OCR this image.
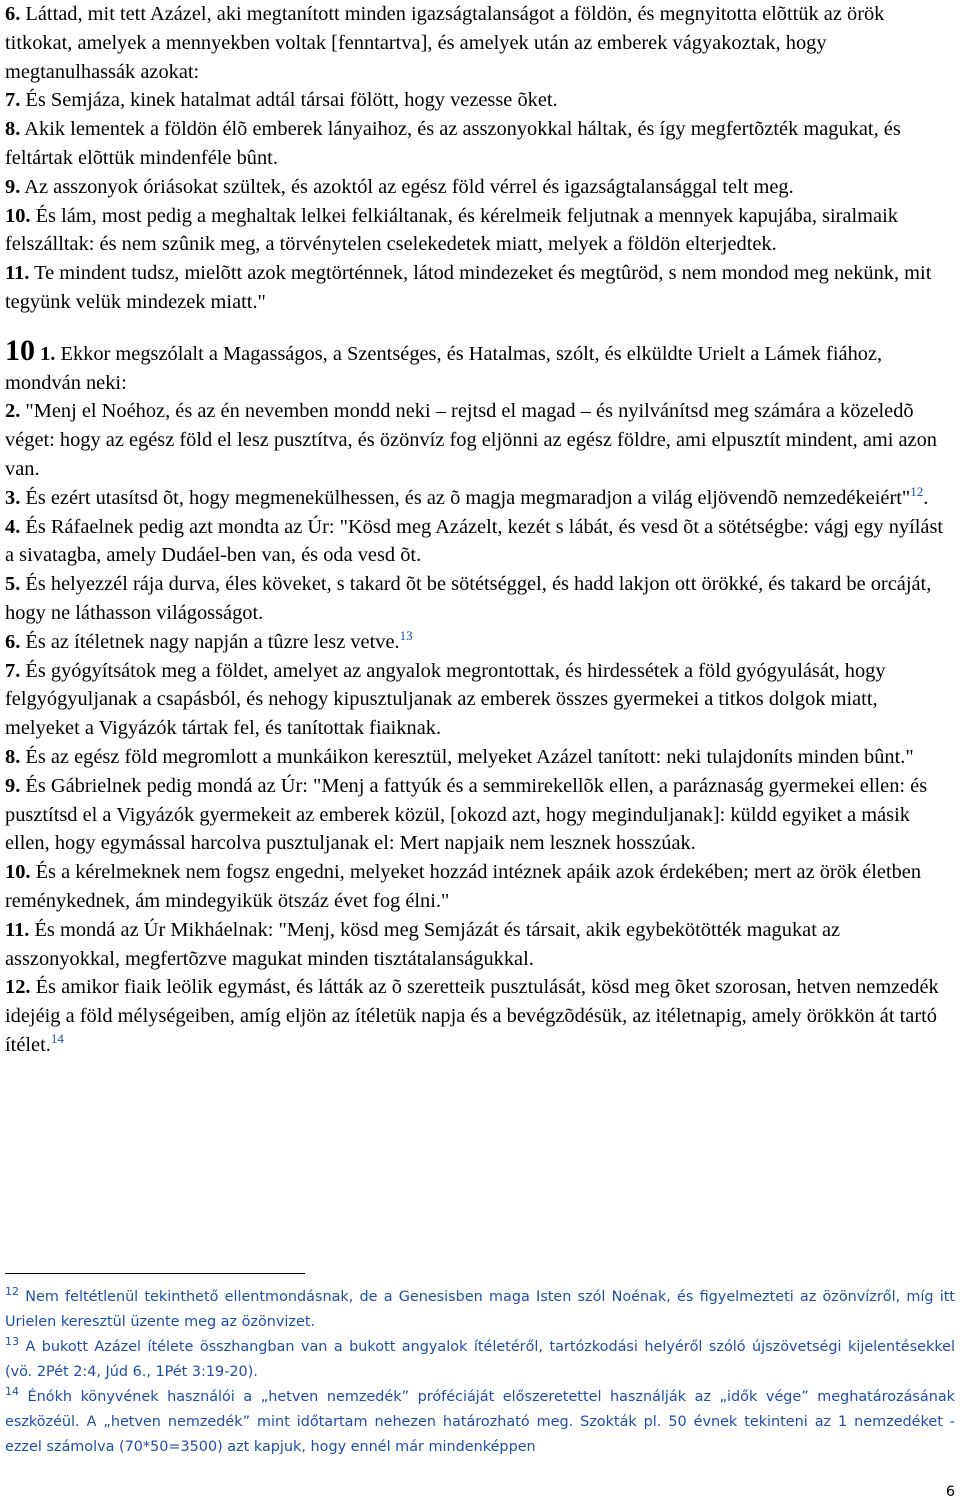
6. Láttad, mit tett Azázel, aki megtanított minden igazságtalanságot a földön, és megnyitotta elõttük az örök titkokat, amelyek a mennyekben voltak [fenntartva], és amelyek után az emberek vágyakoztak, hogy megtanulhassák azokat:

7. És Semjáza, kinek hatalmat adtál társai fölött, hogy vezesse õket.

8. Akik lementek a földön élõ emberek lányaihoz, és az asszonyokkal háltak, és így megfertõzték magukat, és feltártak elõttük mindenféle bûnt.

9. Az asszonyok óriásokat szültek, és azoktól az egész föld vérrel és igazságtalansággal telt meg.

10. És lám, most pedig a meghaltak lelkei felkiáltanak, és kérelmeik feljutnak a mennyek kapujába, siralmaik felszálltak: és nem szûnik meg, a törvénytelen cselekedetek miatt, melyek a földön elterjedtek.

11. Te mindent tudsz, mielõtt azok megtörténnek, látod mindezeket és megtûröd, s nem mondod meg nekünk, mit tegyünk velük mindezek miatt."

10 1. Ekkor megszólalt a Magasságos, a Szentséges, és Hatalmas, szólt, és elküldte Urielt a Lámek fiához, mondván neki:

2. "Menj el Noéhoz, és az én nevemben mondd neki – rejtsd el magad – és nyilvánítsd meg számára a közeledõ véget: hogy az egész föld el lesz pusztítva, és özönvíz fog eljönni az egész földre, ami elpusztít mindent, ami azon van.

3. És ezért utasítsd õt, hogy megmenekülhessen, és az õ magja megmaradjon a világ eljövendõ nemzedékeiért"$^{12}$.

4. És Ráfaelnek pedig azt mondta az Úr: "Kösd meg Azázelt, kezét s lábát, és vesd õt a sötétségbe: vágj egy nyílást a sivatagba, amely Dudáel-ben van, és oda vesd õt.

5. És helyezzél rája durva, éles köveket, s takard õt be sötétséggel, és hadd lakjon ott örökké, és takard be orcáját, hogy ne láthasson világosságot.

6. És az ítéletnek nagy napján a tûzre lesz vetve.$^{13}$

7. És gyógyítsátok meg a földet, amelyet az angyalok megrontottak, és hirdessétek a föld gyógyulását, hogy felgyógyuljanak a csapásból, és nehogy kipusztuljanak az emberek összes gyermekei a titkos dolgok miatt, melyeket a Vigyázók tártak fel, és tanítottak fiaiknak.

8. És az egész föld megromlott a munkáikon keresztül, melyeket Azázel tanított: neki tulajdoníts minden bûnt."

9. És Gábrielnek pedig mondá az Úr: "Menj a fattyúk és a semmirekellõk ellen, a paráznaság gyermekei ellen: és pusztítsd el a Vigyázók gyermekeit az emberek közül, [okozd azt, hogy meginduljanak]: küldd egyiket a másik ellen, hogy egymással harcolva pusztuljanak el: Mert napjaik nem lesznek hosszúak.

10. És a kérelmeknek nem fogsz engedni, melyeket hozzád intéznek apáik azok érdekében; mert az örök életben reménykednek, ám mindegyikük ötszáz évet fog élni."

11. És mondá az Úr Mikháelnak: "Menj, kösd meg Semjázát és társait, akik egybekötötték magukat az asszonyokkal, megfertõzve magukat minden tisztátalanságukkal.

12. És amikor fiaik leölik egymást, és látták az õ szeretteik pusztulását, kösd meg õket szorosan, hetven nemzedék idejéig a föld mélységeiben, amíg eljön az ítéletük napja és a bevégzõdésük, az itéletnapig, amely örökkön át tartó ítélet.$^{14}$

$^{12}$ Nem feltétlenül tekinthető ellentmondásnak, de a Genesisben maga Isten szól Noénak, és figyelmezteti az özönvízről, míg itt Urielen keresztül üzente meg az özönvizet.

$^{13}$ A bukott Azázel ítélete összhangban van a bukott angyalok ítéletéről, tartózkodási helyéről szóló újszövetségi kijelentésekkel (vö. 2Pét 2:4, Júd 6., 1Pét 3:19-20).

$^{14}$ Énókh könyvének használói a „hetven nemzedék” próféciáját előszeretettel használják az „idők vége” meghatározásának eszközéül. A „hetven nemzedék” mint időtartam nehezen határozható meg. Szokták pl. 50 évnek tekinteni az 1 nemzedéket - ezzel számolva (70*50=3500) azt kapjuk, hogy ennél már mindenképpen

6
